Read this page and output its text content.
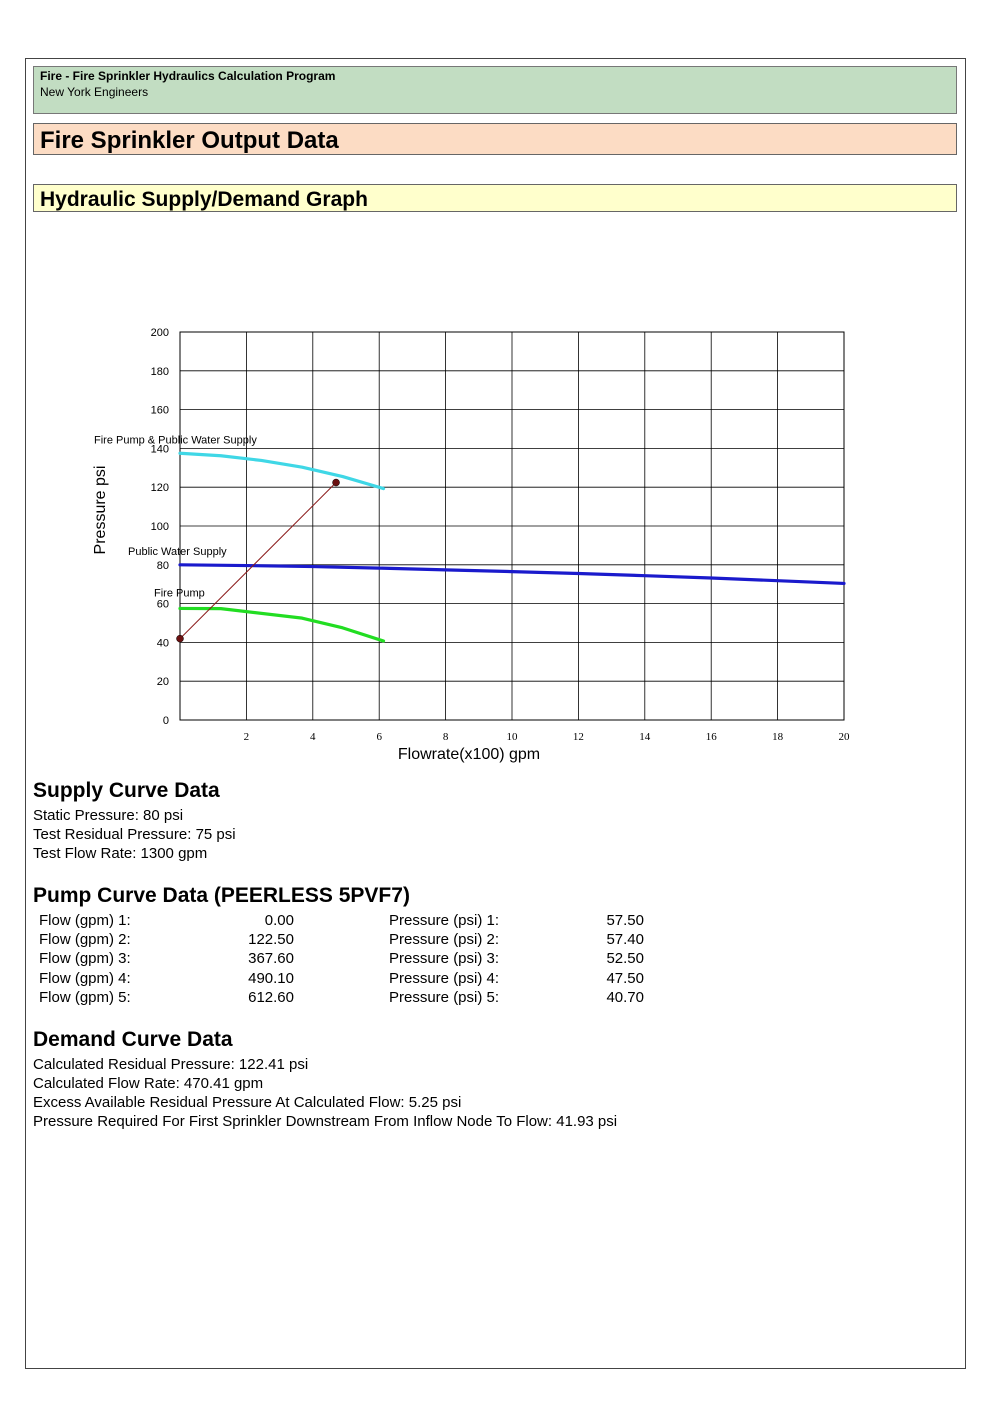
Fire - Fire Sprinkler Hydraulics Calculation Program
New York Engineers
Fire Sprinkler Output Data
Hydraulic Supply/Demand Graph
0
20
40
60
80
100
120
140
160
180
200
2	4	6	8	10	12	14	16	18	20
Fire Pump & Public Water Supply
Public Water Supply
Fire Pump
Flowrate(x100) gpm
Pressure psi
Supply Curve Data
Static Pressure: 80 psi
Test Residual Pressure: 75 psi
Test Flow Rate: 1300 gpm
Pump Curve Data (PEERLESS 5PVF7)
Flow (gpm) 1:	0.00	Pressure (psi) 1:	57.50
Flow (gpm) 2:	122.50	Pressure (psi) 2:	57.40
Flow (gpm) 3:	367.60	Pressure (psi) 3:	52.50
Flow (gpm) 4:	490.10	Pressure (psi) 4:	47.50
Flow (gpm) 5:	612.60	Pressure (psi) 5:	40.70
Demand Curve Data
Calculated Residual Pressure: 122.41 psi
Calculated Flow Rate: 470.41 gpm
Excess Available Residual Pressure At Calculated Flow: 5.25 psi
Pressure Required For First Sprinkler Downstream From Inflow Node To Flow: 41.93 psi
